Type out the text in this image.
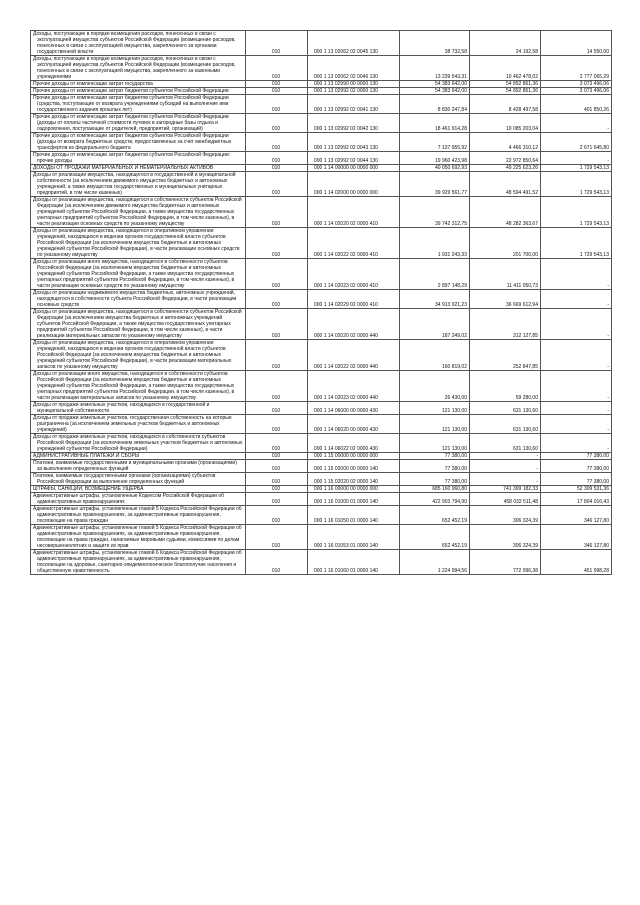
Доходы, поступающие в порядке возмещения расходов, понесенных в связи с эксплуатацией имущества субъектов Российской Федерации (возмещение расходов, понесенных в связи с эксплуатацией имущества, закрепленного за органами государственной власти	010	000 1 13 02062 02 0045 130	38 732,58	24 192,58	14 550,00
Доходы, поступающие в порядке возмещения расходов, понесенных в связи с эксплуатацией имущества субъектов Российской Федерации (возмещение расходов, понесенных в связи с эксплуатацией имущества, закрепленного за казенными учреждениями	010	000 1 13 02062 02 0046 130	13 239 543,31	10 462 478,02	2 777 065,29
Прочие доходы от компенсации затрат государства	010	000 1 13 02990 00 0000 130	54 383 642,00	54 892 861,36	3 073 496,06
Прочие доходы от компенсации затрат бюджетов субъектов Российской Федерации	010	000 1 13 02992 02 0000 130	54 383 642,00	54 892 861,36	3 073 496,06
Прочие доходы от компенсации затрат бюджетов субъектов Российской Федерации (средства, поступающие от возврата учреждениями субсидий на выполнение ими государственного задания прошлых лет)	010	000 1 13 02992 02 0041 130	8 830 247,84	8 428 497,58	401 850,26
Прочие доходы от компенсации затрат бюджетов субъектов Российской Федерации (доходы от оплаты частичной стоимости путевок в загородные базы отдыха и оздоровления, поступающие от родителей, предприятий, организаций)	010	000 1 13 02992 02 0042 130	18 461 914,28	19 085 203,04	-
Прочие доходы от компенсации затрат бюджетов субъектов Российской Федерации (доходы от возврата бюджетных средств, предоставленных за счет межбюджетных трансфертов из федерального бюджета	010	000 1 13 02992 02 0043 130	7 137 955,92	4 466 310,12	2 671 645,80
Прочие доходы от компенсации затрат бюджетов субъектов Российской Федерации: прочие доходы	010	000 1 13 02992 02 0044 130	19 960 423,98	22 972 850,64	-
ДОХОДЫ ОТ ПРОДАЖИ МАТЕРИАЛЬНЫХ И НЕМАТЕРИАЛЬНЫХ АКТИВОВ	010	000 1 14 00000 00 0000 000	40 050 692,93	49 225 623,26	1 729 543,13
Доходы от реализации имущества, находящегося в государственной и муниципальной собственности (за исключением движимого имущества бюджетных и автономных учреждений, а также имущества государственных и муниципальных унитарных предприятий, в том числе казенных)	010	000 1 14 02000 00 0000 000	39 929 561,77	48 594 491,52	1 729 543,13
Доходы от реализации имущества, находящегося в собственности субъектов Российской Федерации (за исключением движимого имущества бюджетных и автономных учреждений субъектов Российской Федерации, а также имущества государственных унитарных предприятий субъектов Российской Федерации, в том числе казенных), в части реализации основных средств по указанному имуществу	010	000 1 14 02020 02 0000 410	39 742 312,75	48 282 363,67	1 729 543,13
Доходы от реализации имущества, находящегося в оперативном управлении учреждений, находящихся в ведении органов государственной власти субъектов Российской Федерации (за исключением имущества бюджетных и автономных учреждений субъектов Российской Федерации), в части реализации основных средств по указанному имуществу	010	000 1 14 02022 02 0000 410	1 931 243,33	201 700,00	1 729 543,13
Доходы от реализации иного имущества, находящегося в собственности субъектов Российской Федерации (за исключением имущества бюджетных и автономных учреждений субъектов Российской Федерации, а также имущества государственных унитарных предприятий субъектов Российской Федерации, в том числе казенных), в части реализации основных средств по указанному имуществу	010	000 1 14 02023 02 0000 410	2 897 148,29	11 411 050,73	-
Доходы от реализации недвижимого имущества бюджетных, автономных учреждений, находящегося в собственности субъекта Российской Федерации, в части реализации основных средств	010	000 1 14 02029 02 0000 410	34 913 921,23	36 669 612,94	-
Доходы от реализации имущества, находящегося в собственности субъектов Российской Федерации (за исключением имущества бюджетных и автономных учреждений субъектов Российской Федерации, а также имущества государственных унитарных предприятий субъектов Российской Федерации, в том числе казенных), в части реализации материальных запасов по указанному имуществу	010	000 1 14 02020 02 0000 440	187 249,02	312 127,85	-
Доходы от реализации имущества, находящегося в оперативном управлении учреждений, находящихся в ведении органов государственной власти субъектов Российской Федерации (за исключением имущества бюджетных и автономных учреждений субъектов Российской Федерации), в части реализации материальных запасов по указанному имуществу	010	000 1 14 02022 02 0000 440	160 819,02	252 847,85	-
Доходы от реализации иного имущества, находящегося в собственности субъектов Российской Федерации (за исключением имущества бюджетных и автономных учреждений субъектов Российской Федерации, а также имущества государственных унитарных предприятий субъектов Российской Федерации, в том числе казенных), в части реализации материальных запасов по указанному имуществу	010	000 1 14 02023 02 0000 440	26 430,00	59 280,00	-
Доходы от продажи земельных участков, находящихся в государственной и муниципальной собственности	010	000 1 14 06000 00 0000 430	121 130,00	631 130,60	-
Доходы от продажи земельных участков, государственная собственность на которые разграничена (за исключением земельных участков бюджетных и автономных учреждений)	010	000 1 14 06020 00 0000 430	121 130,00	631 130,60	-
Доходы от продажи земельных участков, находящихся в собственности субъектов Российской Федерации (за исключением земельных участков бюджетных и автономных учреждений субъектов Российской Федерации)	010	000 1 14 06022 02 0000 430	121 130,00	631 130,60	-
АДМИНИСТРАТИВНЫЕ ПЛАТЕЖИ И СБОРЫ	010	000 1 15 00000 00 0000 000	77 380,00	-	77 380,00
Платежи, взимаемые государственными и муниципальными органами (организациями) за выполнение определенных функций	010	000 1 15 02000 00 0000 140	77 380,00	-	77 380,00
Платежи, взимаемые государственными органами (организациями) субъектов Российской Федерации за выполнение определенных функций	010	000 1 15 02020 02 0000 140	77 380,00	-	77 380,00
ШТРАФЫ, САНКЦИИ, ВОЗМЕЩЕНИЕ УЩЕРБА	010	000 1 16 00000 00 0000 000	685 160 960,80	741 399 182,33	52 309 531,36
Административные штрафы, установленные Кодексом Российской Федерации об административных правонарушениях	010	000 1 16 01000 01 0000 140	422 903 794,90	458 032 511,48	17 804 016,43
Административные штрафы, установленные главой 5 Кодекса Российской Федерации об административных правонарушениях, за административные правонарушения, посягающие на права граждан	010	000 1 16 01050 01 0000 140	652 452,19	306 324,39	346 127,80
Административные штрафы, установленные главой 5 Кодекса Российской Федерации об административных правонарушениях, за административные правонарушения, посягающие на права граждан, налагаемые мировыми судьями, комиссиями по делам несовершеннолетних и защите их прав	010	000 1 16 01053 01 0000 140	652 452,19	306 324,39	346 127,80
Административные штрафы, установленные главой 6 Кодекса Российской Федерации об административных правонарушениях, за административные правонарушения, посягающие на здоровье, санитарно-эпидемиологическое благополучие населения и общественную нравственность	010	000 1 16 01060 01 0000 140	1 224 994,56	772 996,38	451 998,28
